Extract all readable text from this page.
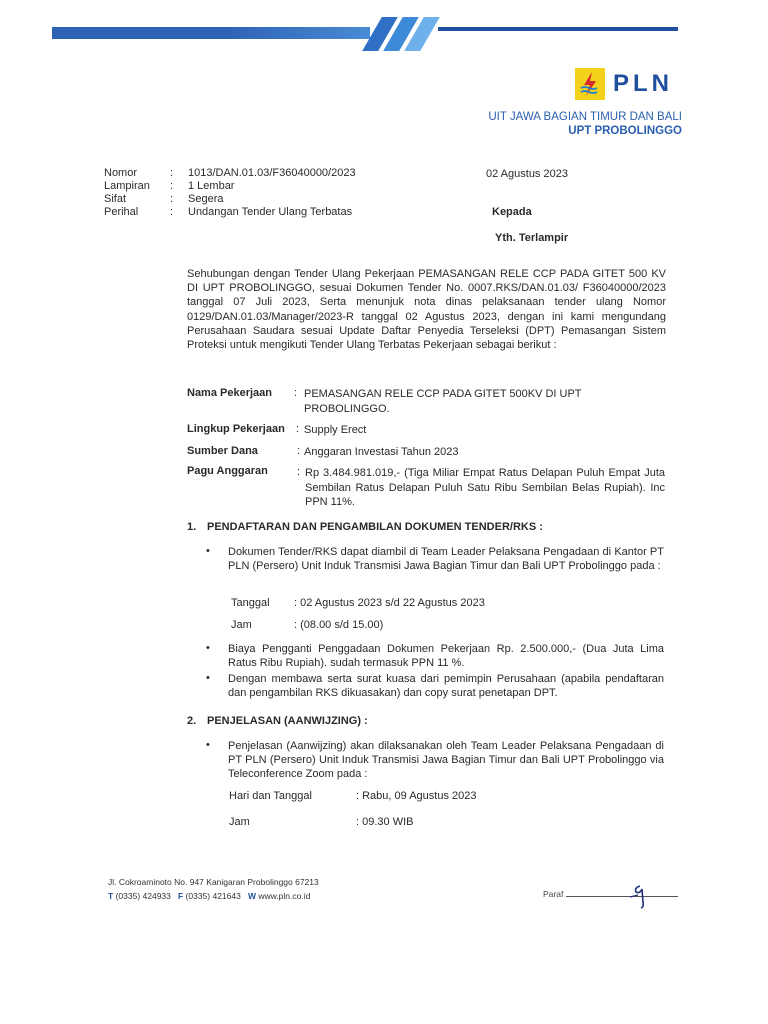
PLN
UIT JAWA BAGIAN TIMUR DAN BALI
UPT PROBOLINGGO
Nomor	: 1013/DAN.01.03/F36040000/2023
Lampiran	: 1 Lembar
Sifat	: Segera
Perihal	: Undangan Tender Ulang Terbatas
02 Agustus 2023
Kepada
Yth. Terlampir
Sehubungan dengan Tender Ulang Pekerjaan PEMASANGAN RELE CCP PADA GITET 500 KV DI UPT PROBOLINGGO, sesuai Dokumen Tender No. 0007.RKS/DAN.01.03/ F36040000/2023 tanggal 07 Juli 2023, Serta menunjuk nota dinas pelaksanaan tender ulang Nomor 0129/DAN.01.03/Manager/2023-R tanggal 02 Agustus 2023, dengan ini kami mengundang Perusahaan Saudara sesuai Update Daftar Penyedia Terseleksi (DPT) Pemasangan Sistem Proteksi untuk mengikuti Tender Ulang Terbatas Pekerjaan sebagai berikut :
Nama Pekerjaan : PEMASANGAN RELE CCP PADA GITET 500KV DI UPT PROBOLINGGO.
Lingkup Pekerjaan : Supply Erect
Sumber Dana	: Anggaran Investasi Tahun 2023
Pagu Anggaran	: Rp 3.484.981.019,- (Tiga Miliar Empat Ratus Delapan Puluh Empat Juta Sembilan Ratus Delapan Puluh Satu Ribu Sembilan Belas Rupiah). Inc PPN 11%.
1. PENDAFTARAN DAN PENGAMBILAN DOKUMEN TENDER/RKS :
• Dokumen Tender/RKS dapat diambil di Team Leader Pelaksana Pengadaan di Kantor PT PLN (Persero) Unit Induk Transmisi Jawa Bagian Timur dan Bali UPT Probolinggo pada :
Tanggal : 02 Agustus 2023 s/d 22 Agustus 2023
Jam	: (08.00 s/d 15.00)
• Biaya Pengganti Penggadaan Dokumen Pekerjaan Rp. 2.500.000,- (Dua Juta Lima Ratus Ribu Rupiah). sudah termasuk PPN 11 %.
• Dengan membawa serta surat kuasa dari pemimpin Perusahaan (apabila pendaftaran dan pengambilan RKS dikuasakan) dan copy surat penetapan DPT.
2. PENJELASAN (AANWIJZING) :
• Penjelasan (Aanwijzing) akan dilaksanakan oleh Team Leader Pelaksana Pengadaan di PT PLN (Persero) Unit Induk Transmisi Jawa Bagian Timur dan Bali UPT Probolinggo via Teleconference Zoom pada :
Hari dan Tanggal	: Rabu, 09 Agustus 2023
Jam	: 09.30 WIB
Jl. Cokroaminoto No. 947 Kanigaran Probolinggo 67213
T (0335) 424933 F (0335) 421643 W www.pln.co.id	Paraf
